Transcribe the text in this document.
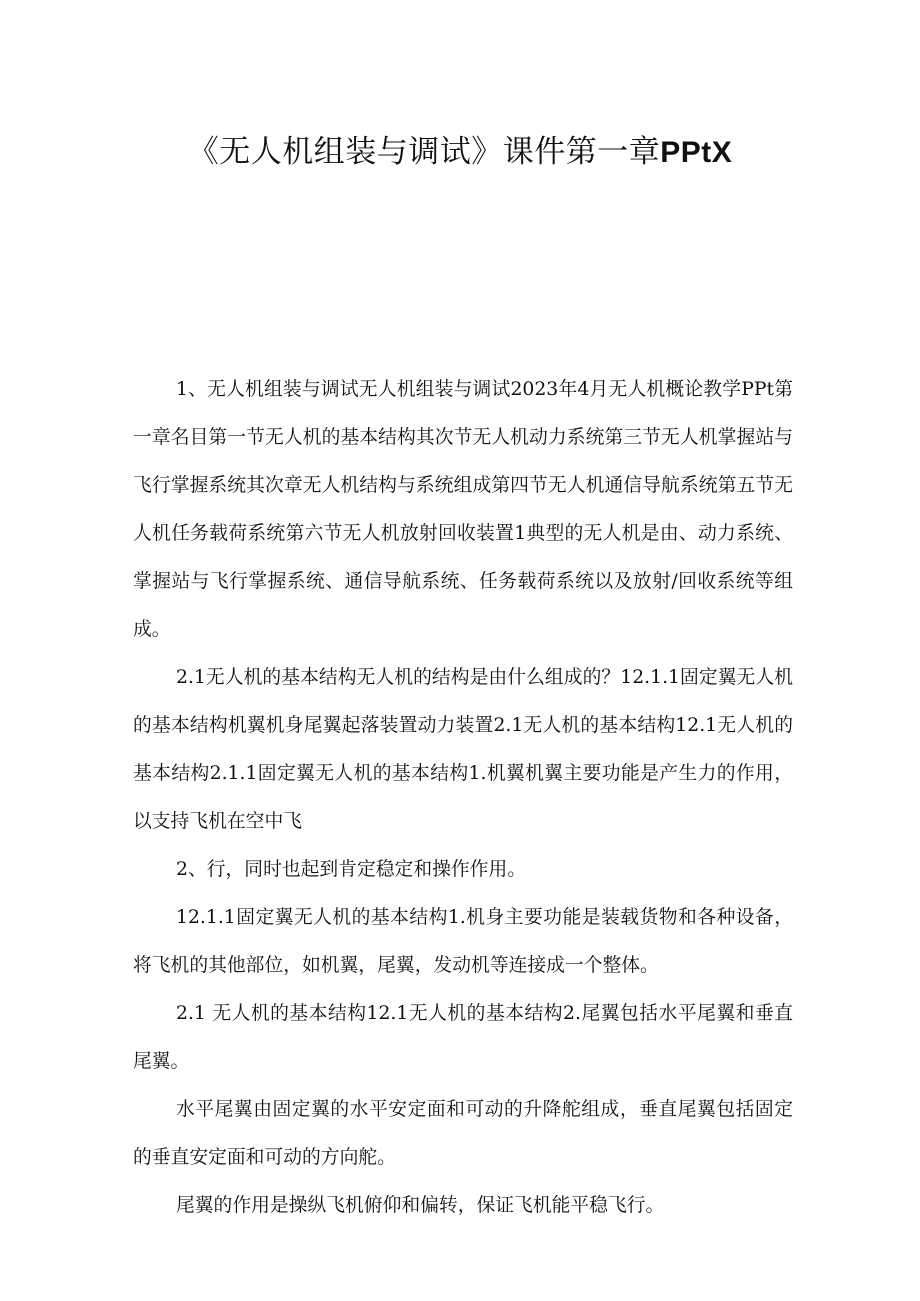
《无人机组装与调试》课件第一章PPtX

1、无人机组装与调试无人机组装与调试2023年4月无人机概论教学PPt第一章名目第一节无人机的基本结构其次节无人机动力系统第三节无人机掌握站与飞行掌握系统其次章无人机结构与系统组成第四节无人机通信导航系统第五节无人机任务载荷系统第六节无人机放射回收装置1典型的无人机是由、动力系统、掌握站与飞行掌握系统、通信导航系统、任务载荷系统以及放射/回收系统等组成。

2.1无人机的基本结构无人机的结构是由什么组成的？12.1.1固定翼无人机的基本结构机翼机身尾翼起落装置动力装置2.1无人机的基本结构12.1无人机的基本结构2.1.1固定翼无人机的基本结构1.机翼机翼主要功能是产生力的作用，以支持飞机在空中飞

2、行，同时也起到肯定稳定和操作作用。

12.1.1固定翼无人机的基本结构1.机身主要功能是装载货物和各种设备，将飞机的其他部位，如机翼，尾翼，发动机等连接成一个整体。

2.1 无人机的基本结构12.1无人机的基本结构2.尾翼包括水平尾翼和垂直尾翼。

水平尾翼由固定翼的水平安定面和可动的升降舵组成，垂直尾翼包括固定的垂直安定面和可动的方向舵。

尾翼的作用是操纵飞机俯仰和偏转，保证飞机能平稳飞行。
